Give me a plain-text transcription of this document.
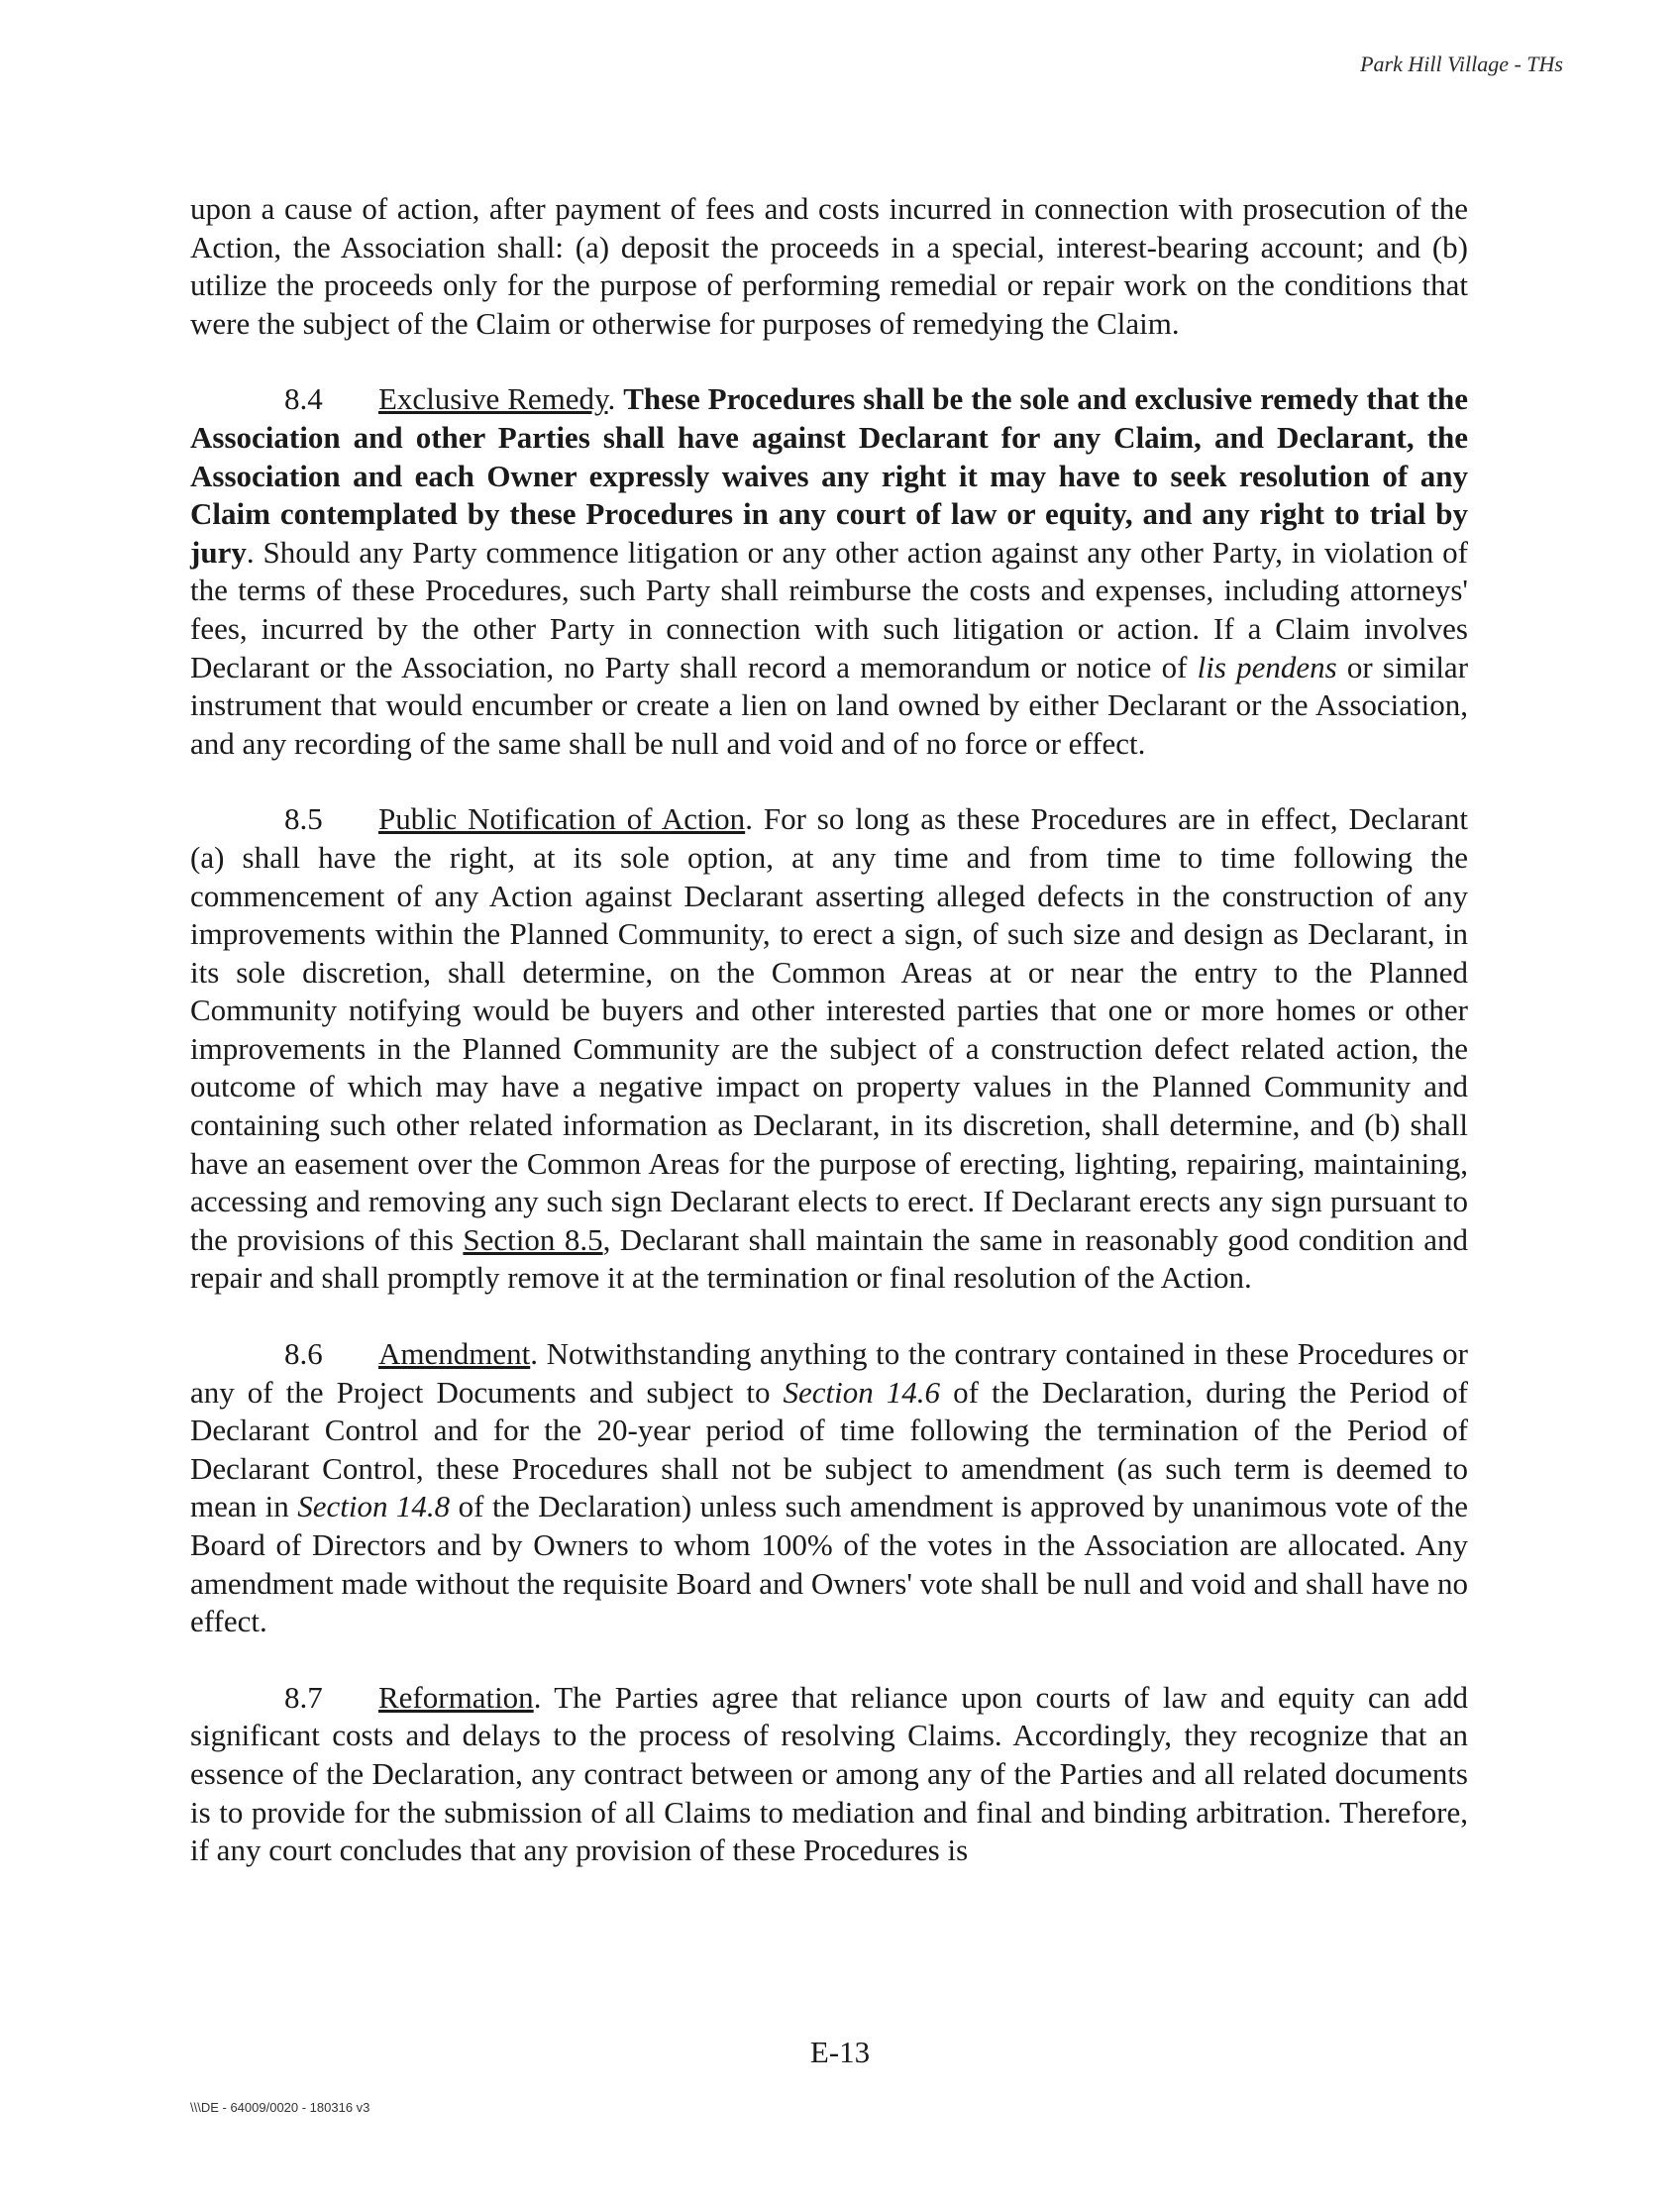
Park Hill Village - THs

upon a cause of action, after payment of fees and costs incurred in connection with prosecution of the Action, the Association shall: (a) deposit the proceeds in a special, interest-bearing account; and (b) utilize the proceeds only for the purpose of performing remedial or repair work on the conditions that were the subject of the Claim or otherwise for purposes of remedying the Claim.

8.4 Exclusive Remedy. These Procedures shall be the sole and exclusive remedy that the Association and other Parties shall have against Declarant for any Claim, and Declarant, the Association and each Owner expressly waives any right it may have to seek resolution of any Claim contemplated by these Procedures in any court of law or equity, and any right to trial by jury. Should any Party commence litigation or any other action against any other Party, in violation of the terms of these Procedures, such Party shall reimburse the costs and expenses, including attorneys' fees, incurred by the other Party in connection with such litigation or action. If a Claim involves Declarant or the Association, no Party shall record a memorandum or notice of lis pendens or similar instrument that would encumber or create a lien on land owned by either Declarant or the Association, and any recording of the same shall be null and void and of no force or effect.

8.5 Public Notification of Action. For so long as these Procedures are in effect, Declarant (a) shall have the right, at its sole option, at any time and from time to time following the commencement of any Action against Declarant asserting alleged defects in the construction of any improvements within the Planned Community, to erect a sign, of such size and design as Declarant, in its sole discretion, shall determine, on the Common Areas at or near the entry to the Planned Community notifying would be buyers and other interested parties that one or more homes or other improvements in the Planned Community are the subject of a construction defect related action, the outcome of which may have a negative impact on property values in the Planned Community and containing such other related information as Declarant, in its discretion, shall determine, and (b) shall have an easement over the Common Areas for the purpose of erecting, lighting, repairing, maintaining, accessing and removing any such sign Declarant elects to erect. If Declarant erects any sign pursuant to the provisions of this Section 8.5, Declarant shall maintain the same in reasonably good condition and repair and shall promptly remove it at the termination or final resolution of the Action.

8.6 Amendment. Notwithstanding anything to the contrary contained in these Procedures or any of the Project Documents and subject to Section 14.6 of the Declaration, during the Period of Declarant Control and for the 20-year period of time following the termination of the Period of Declarant Control, these Procedures shall not be subject to amendment (as such term is deemed to mean in Section 14.8 of the Declaration) unless such amendment is approved by unanimous vote of the Board of Directors and by Owners to whom 100% of the votes in the Association are allocated. Any amendment made without the requisite Board and Owners' vote shall be null and void and shall have no effect.

8.7 Reformation. The Parties agree that reliance upon courts of law and equity can add significant costs and delays to the process of resolving Claims. Accordingly, they recognize that an essence of the Declaration, any contract between or among any of the Parties and all related documents is to provide for the submission of all Claims to mediation and final and binding arbitration. Therefore, if any court concludes that any provision of these Procedures is

E-13
\\\DE - 64009/0020 - 180316 v3
